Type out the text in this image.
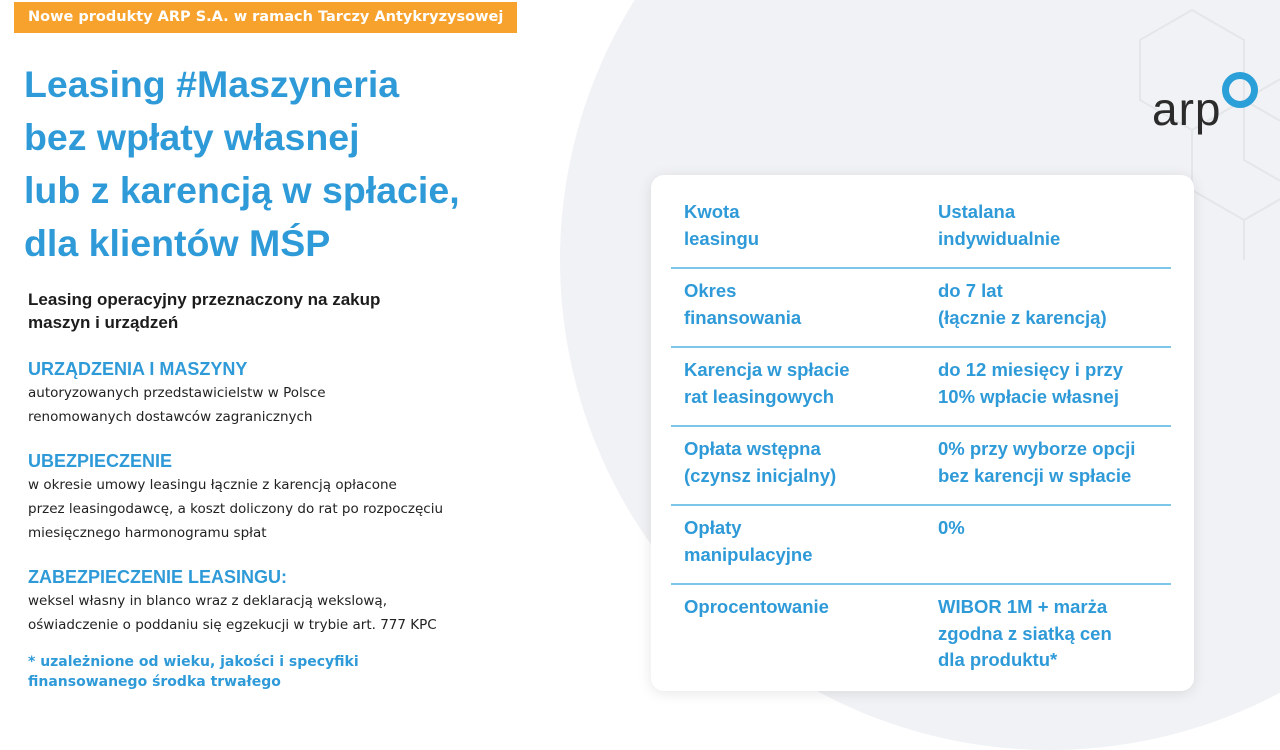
Nowe produkty ARP S.A. w ramach Tarczy Antykryzysowej
Leasing #Maszyneria
bez wpłaty własnej
lub z karencją w spłacie,
dla klientów MŚP

Leasing operacyjny przeznaczony na zakup
maszyn i urządzeń

URZĄDZENIA I MASZYNY
autoryzowanych przedstawicielstw w Polsce
renomowanych dostawców zagranicznych
UBEZPIECZENIE
w okresie umowy leasingu łącznie z karencją opłacone
przez leasingodawcę, a koszt doliczony do rat po rozpoczęciu
miesięcznego harmonogramu spłat
ZABEZPIECZENIE LEASINGU:
weksel własny in blanco wraz z deklaracją wekslową,
oświadczenie o poddaniu się egzekucji w trybie art. 777 KPC
* uzależnione od wieku, jakości i specyfiki
finansowanego środka trwałego
arp
Kwota
leasingu
Ustalana
indywidualnie
Okres
finansowania
do 7 lat
(łącznie z karencją)
Karencja w spłacie
rat leasingowych
do 12 miesięcy i przy
10% wpłacie własnej
Opłata wstępna
(czynsz inicjalny)
0% przy wyborze opcji
bez karencji w spłacie
Opłaty
manipulacyjne
0%
Oprocentowanie	WIBOR 1M + marża
zgodna z siatką cen
dla produktu*
